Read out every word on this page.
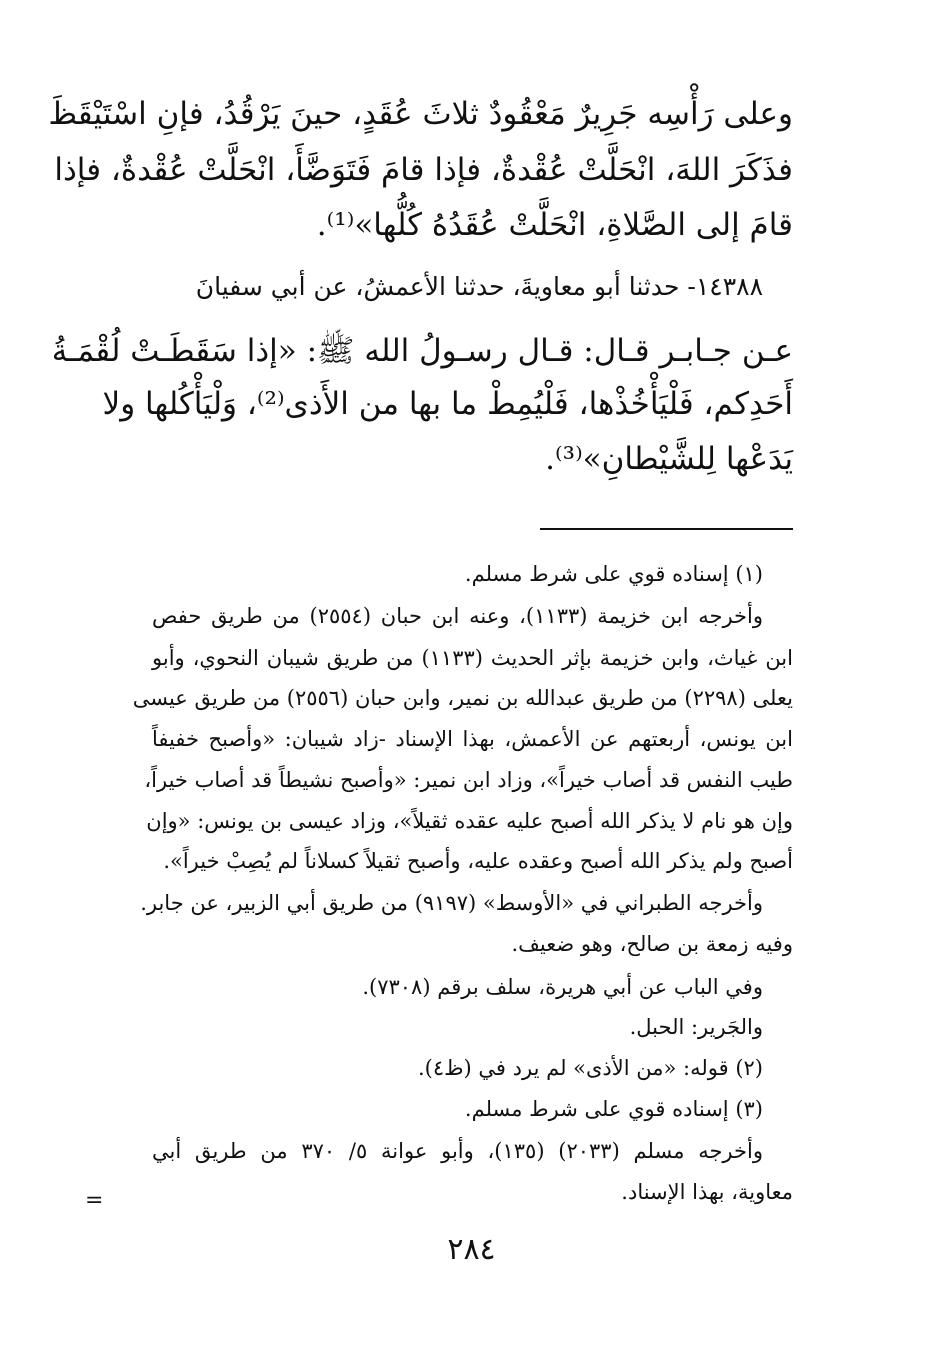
وعلى رَأْسِه جَرِيرٌ مَعْقُودٌ ثلاثَ عُقَدٍ، حينَ يَرْقُدُ، فإنِ اسْتَيْقَظَ

فذَكَرَ اللهَ، انْحَلَّتْ عُقْدةٌ، فإذا قامَ فَتَوَضَّأَ، انْحَلَّتْ عُقْدةٌ، فإذا

قامَ إلى الصَّلاةِ، انْحَلَّتْ عُقَدُهُ كُلُّها»⁽¹⁾.

١٤٣٨٨- حدثنا أبو معاويةَ، حدثنا الأعمشُ، عن أبي سفيانَ

عـن جـابـر قـال: قـال رسـولُ الله ﷺ: «إذا سَقَطَـتْ لُقْمَـةُ

أَحَدِكم، فَلْيَأْخُذْها، فَلْيُمِطْ ما بها من الأَذى⁽²⁾، وَلْيَأْكُلها ولا

يَدَعْها لِلشَّيْطانِ»⁽³⁾.

(١) إسناده قوي على شرط مسلم.

وأخرجه ابن خزيمة (١١٣٣)، وعنه ابن حبان (٢٥٥٤) من طريق حفص

ابن غياث، وابن خزيمة بإثر الحديث (١١٣٣) من طريق شيبان النحوي، وأبو

يعلى (٢٢٩٨) من طريق عبدالله بن نمير، وابن حبان (٢٥٥٦) من طريق عيسى

ابن يونس، أربعتهم عن الأعمش، بهذا الإسناد -زاد شيبان: «وأصبح خفيفاً

طيب النفس قد أصاب خيراً»، وزاد ابن نمير: «وأصبح نشيطاً قد أصاب خيراً،

وإن هو نام لا يذكر الله أصبح عليه عقده ثقيلاً»، وزاد عيسى بن يونس: «وإن

أصبح ولم يذكر الله أصبح وعقده عليه، وأصبح ثقيلاً كسلاناً لم يُصِبْ خيراً».

وأخرجه الطبراني في «الأوسط» (٩١٩٧) من طريق أبي الزبير، عن جابر.

وفيه زمعة بن صالح، وهو ضعيف.

وفي الباب عن أبي هريرة، سلف برقم (٧٣٠٨).

والجَرير: الحبل.

(٢) قوله: «من الأذى» لم يرد في (ظ٤).

(٣) إسناده قوي على شرط مسلم.

وأخرجه مسلم (٢٠٣٣) (١٣٥)، وأبو عوانة ٥/ ٣٧٠ من طريق أبي

معاوية، بهذا الإسناد.

=
٢٨٤
